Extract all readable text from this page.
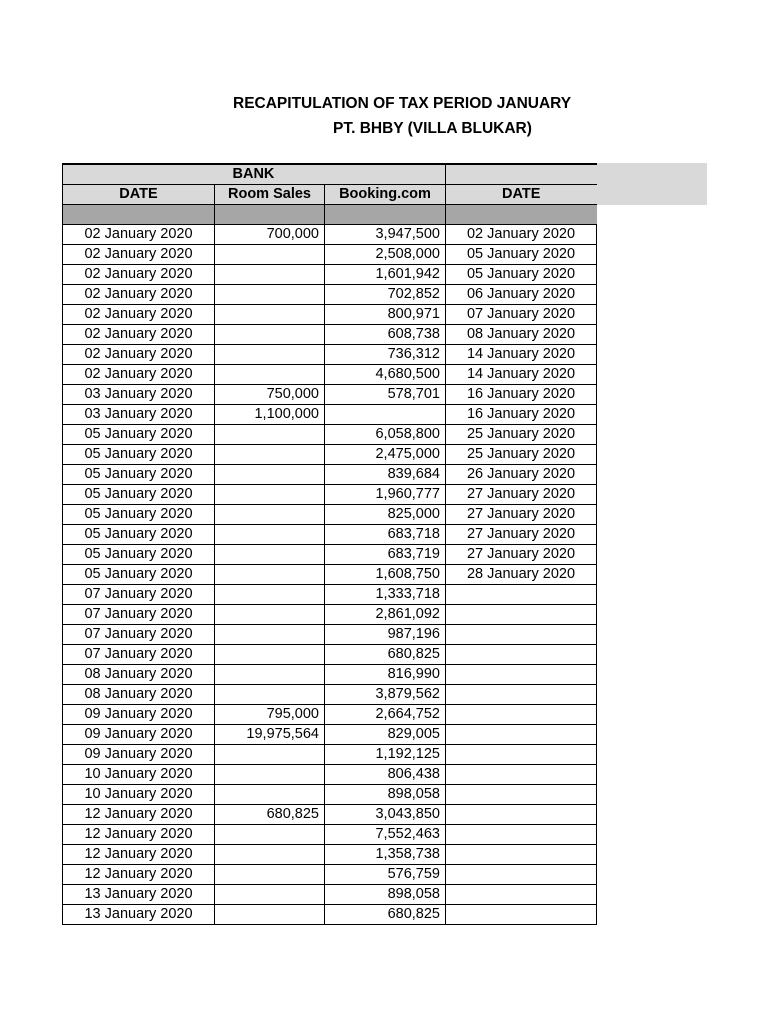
RECAPITULATION OF TAX PERIOD JANUARY
PT. BHBY (VILLA BLUKAR)
	BANK		
DATE	Room Sales	Booking.com	DATE

02 January 2020	700,000	3,947,500	02 January 2020
02 January 2020		2,508,000	05 January 2020
02 January 2020		1,601,942	05 January 2020
02 January 2020		702,852	06 January 2020
02 January 2020		800,971	07 January 2020
02 January 2020		608,738	08 January 2020
02 January 2020		736,312	14 January 2020
02 January 2020		4,680,500	14 January 2020
03 January 2020	750,000	578,701	16 January 2020
03 January 2020	1,100,000		16 January 2020
05 January 2020		6,058,800	25 January 2020
05 January 2020		2,475,000	25 January 2020
05 January 2020		839,684	26 January 2020
05 January 2020		1,960,777	27 January 2020
05 January 2020		825,000	27 January 2020
05 January 2020		683,718	27 January 2020
05 January 2020		683,719	27 January 2020
05 January 2020		1,608,750	28 January 2020
07 January 2020		1,333,718	
07 January 2020		2,861,092	
07 January 2020		987,196	
07 January 2020		680,825	
08 January 2020		816,990	
08 January 2020		3,879,562	
09 January 2020	795,000	2,664,752	
09 January 2020	19,975,564	829,005	
09 January 2020		1,192,125	
10 January 2020		806,438	
10 January 2020		898,058	
12 January 2020	680,825	3,043,850	
12 January 2020		7,552,463	
12 January 2020		1,358,738	
12 January 2020		576,759	
13 January 2020		898,058	
13 January 2020		680,825	
